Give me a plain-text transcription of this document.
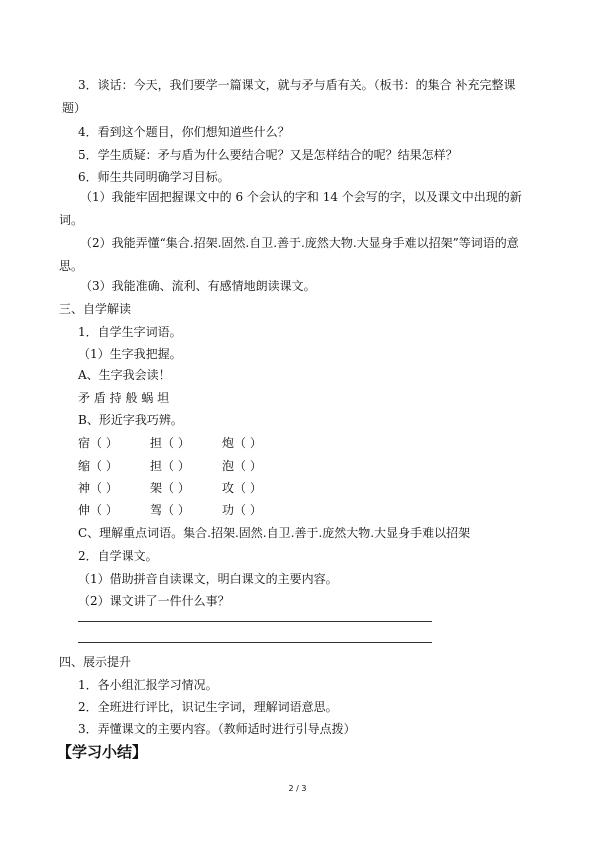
3．谈话：今天，我们要学一篇课文，就与矛与盾有关。（板书：的集合 补充完整课题）
4．看到这个题目，你们想知道些什么？
5．学生质疑：矛与盾为什么要结合呢？又是怎样结合的呢？结果怎样？
6．师生共同明确学习目标。
（1）我能牢固把握课文中的 6 个会认的字和 14 个会写的字，以及课文中出现的新词。
（2）我能弄懂“集合.招架.固然.自卫.善于.庞然大物.大显身手难以招架”等词语的意思。
（3）我能准确、流利、有感情地朗读课文。
三、自学解读
1．自学生字词语。
（1）生字我把握。
A、生字我会读！
矛 盾 持 般 蜗 坦
B、形近字我巧辨。
宿（ ）	担（ ）	炮（ ）
缩（ ）	担（ ）	泡（ ）
神（ ）	架（ ）	攻（ ）
伸（ ）	驾（ ）	功（ ）
C、理解重点词语。集合.招架.固然.自卫.善于.庞然大物.大显身手难以招架
2．自学课文。
（1）借助拼音自读课文，明白课文的主要内容。
（2）课文讲了一件什么事？
四、展示提升
1．各小组汇报学习情况。
2．全班进行评比，识记生字词，理解词语意思。
3．弄懂课文的主要内容。（教师适时进行引导点拨）
【学习小结】
2 / 3
